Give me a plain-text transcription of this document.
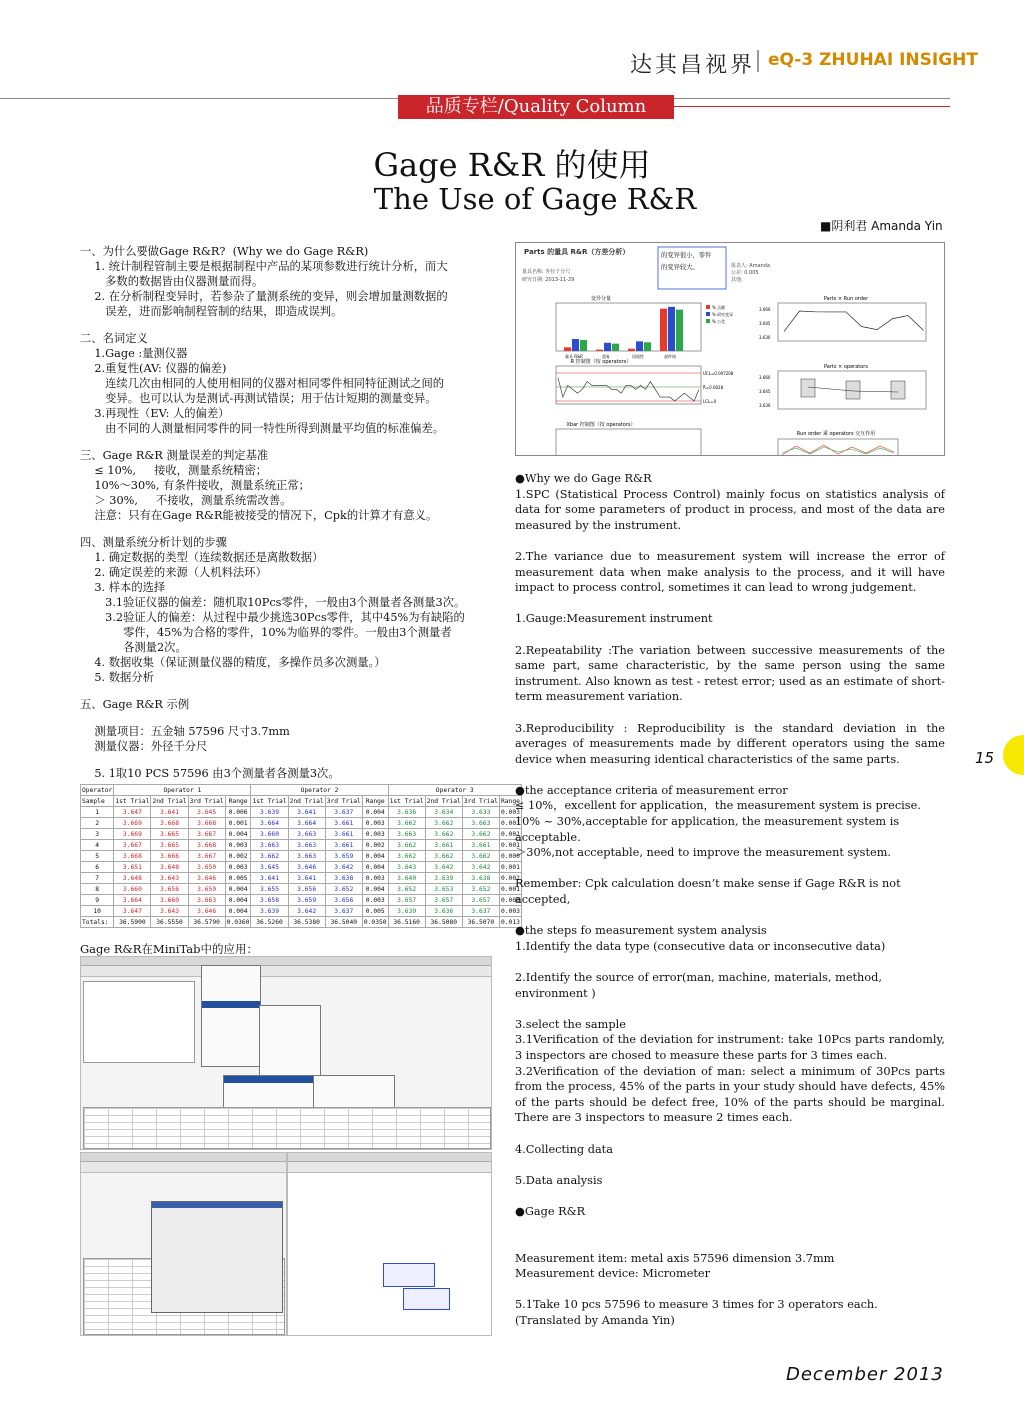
达其昌视界 eQ-3 ZHUHAI INSIGHT
品质专栏/Quality Column
Gage R&R 的使用
The Use of Gage R&R
■阴利君 Amanda Yin

一、为什么要做Gage R&R?  (Why we do Gage R&R)

1. 统计制程管制主要是根据制程中产品的某项参数进行统计分析，而大

多数的数据皆由仪器测量而得。

2. 在分析制程变异时，若参杂了量测系统的变异，则会增加量测数据的

误差，进而影响制程管制的结果，即造成误判。

二、名词定义

1.Gage :量测仪器

2.重复性(AV: 仪器的偏差)

连续几次由相同的人使用相同的仪器对相同零件相同特征测试之间的

变异。也可以认为是测试-再测试错误；用于估计短期的测量变异。

3.再现性（EV: 人的偏差）

由不同的人测量相同零件的同一特性所得到测量平均值的标准偏差。

三、Gage R&R 测量误差的判定基准

≤ 10%,     接收，测量系统精密；

10%～30%, 有条件接收，测量系统正常；

＞ 30%,     不接收，测量系统需改善。

注意：只有在Gage R&R能被接受的情况下，Cpk的计算才有意义。

四、测量系统分析计划的步骤

1. 确定数据的类型（连续数据还是离散数据）

2. 确定误差的来源（人机料法环）

3. 样本的选择

3.1验证仪器的偏差：随机取10Pcs零件，一般由3个测量者各测量3次。

3.2验证人的偏差：从过程中最少挑选30Pcs零件，其中45%为有缺陷的

零件，45%为合格的零件，10%为临界的零件。一般由3个测量者

各测量2次。

4. 数据收集（保证测量仪器的精度，多操作员多次测量。）

5. 数据分析

五、Gage R&R 示例

测量项目：五金轴 57596 尺寸3.7mm

测量仪器：外径千分尺

5. 1取10 PCS 57596 由3个测量者各测量3次。

Operator	Operator 1				Operator 2				Operator 3			
Sample	1st Trial	2nd Trial	3rd Trial	Range	1st Trial	2nd Trial	3rd Trial	Range	1st Trial	2nd Trial	3rd Trial	Range
1	3.647	3.641	3.645	0.006	3.639	3.641	3.637	0.004	3.636	3.634	3.633	0.003
2	3.669	3.668	3.668	0.001	3.664	3.664	3.661	0.003	3.662	3.662	3.663	0.001
3	3.669	3.665	3.667	0.004	3.660	3.663	3.661	0.003	3.663	3.662	3.662	0.001
4	3.667	3.665	3.668	0.003	3.663	3.663	3.661	0.002	3.662	3.661	3.661	0.001
5	3.668	3.666	3.667	0.002	3.662	3.663	3.659	0.004	3.662	3.662	3.662	0.000
6	3.651	3.648	3.650	0.003	3.645	3.646	3.642	0.004	3.643	3.642	3.642	0.001
7	3.648	3.643	3.646	0.005	3.641	3.641	3.638	0.003	3.640	3.639	3.638	0.002
8	3.660	3.656	3.659	0.004	3.655	3.656	3.652	0.004	3.652	3.653	3.652	0.001
9	3.664	3.660	3.663	0.004	3.658	3.659	3.656	0.003	3.657	3.657	3.657	0.000
10	3.647	3.643	3.646	0.004	3.639	3.642	3.637	0.005	3.639	3.636	3.637	0.003
Totals:	36.5900	36.5550	36.5790	0.0360	36.5260	36.5380	36.5040	0.0350	36.5160	36.5080	36.5070	0.013
Gage R&R在MiniTab中的应用：
Parts 的量具 R&R（方差分析）
量具名称: 外径千分尺
研究日期: 2013-11-29
报表人: Amanda
公差: 0.005
其他:
的变异很小，零件
的变异较大。
变异分量	Parts × Run order
R 控制图（按 operators）
Parts × operators
Xbar 控制图（按 operators）
Run order 乘 operators 交互作用
量具 R&R	重复	再现性	部件间
% 贡献
% 研究变异
% 公差
UCL=0.007208
R̄=0.0028
LCL=0
3.660
3.645
3.630
3.660
3.645
3.630

●Why we do Gage R&R

1.SPC (Statistical Process Control) mainly focus on statistics analysis of data for some parameters of product in process, and most of the data are measured by the instrument.

2.The variance due to measurement system will increase the error of measurement data when make analysis to the process, and it will have impact to process control, sometimes it can lead to wrong judgement.

1.Gauge:Measurement instrument

2.Repeatability :The variation between successive measurements of the same part, same characteristic, by the same person using the same instrument. Also known as test - retest error; used as an estimate of short-term measurement variation.

3.Reproducibility : Reproducibility is the standard deviation in the averages of measurements made by different operators using the same device when measuring identical characteristics of the same parts.

●the acceptance criteria of measurement error

≤ 10%，excellent for application，the measurement system is precise.

10% ~ 30%,acceptable for application, the measurement system is acceptable.

＞30%,not acceptable, need to improve the measurement system.

Remember: Cpk calculation doesn’t make sense if Gage R&R is not accepted,

●the steps fo measurement system analysis

1.Identify the data type (consecutive data or inconsecutive data)

2.Identify the source of error(man, machine, materials, method, environment )

3.select the sample

3.1Verification of the deviation for instrument: take 10Pcs parts randomly, 3 inspectors are chosed to measure these parts for 3 times each.

3.2Verification of the deviation of man: select a minimum of 30Pcs parts from the process, 45% of the parts in your study should have defects, 45% of the parts should be defect free, 10% of the parts should be marginal. There are 3 inspectors to measure 2 times each.

4.Collecting data

5.Data analysis

●Gage R&R

Measurement item: metal axis 57596 dimension 3.7mm

Measurement device: Micrometer

5.1Take 10 pcs 57596 to measure 3 times for 3 operators each.

(Translated by Amanda Yin)

15
December 2013
